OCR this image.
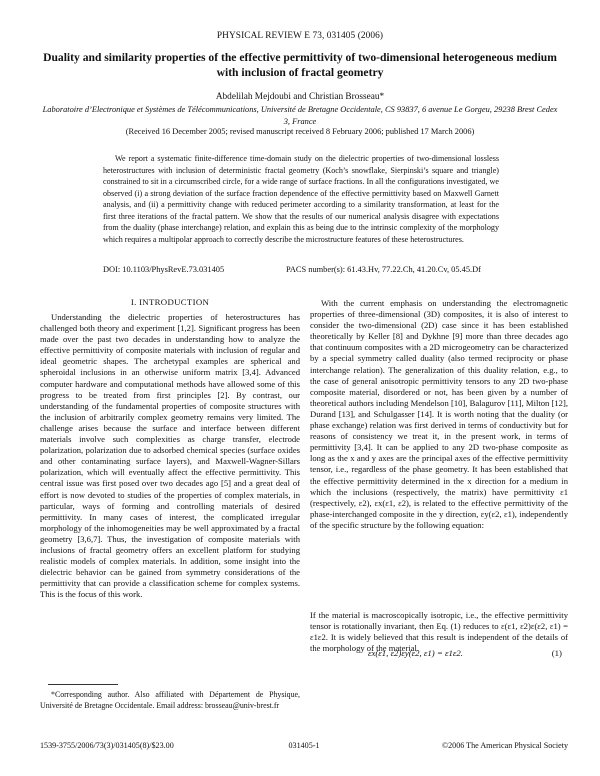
PHYSICAL REVIEW E 73, 031405 (2006)
Duality and similarity properties of the effective permittivity of two-dimensional heterogeneous medium with inclusion of fractal geometry
Abdelilah Mejdoubi and Christian Brosseau*
Laboratoire d’Electronique et Systèmes de Télécommunications, Université de Bretagne Occidentale, CS 93837, 6 avenue Le Gorgeu, 29238 Brest Cedex 3, France
(Received 16 December 2005; revised manuscript received 8 February 2006; published 17 March 2006)
We report a systematic finite-difference time-domain study on the dielectric properties of two-dimensional lossless heterostructures with inclusion of deterministic fractal geometry (Koch’s snowflake, Sierpinski’s square and triangle) constrained to sit in a circumscribed circle, for a wide range of surface fractions. In all the configurations investigated, we observed (i) a strong deviation of the surface fraction dependence of the effective permittivity based on Maxwell Garnett analysis, and (ii) a permittivity change with reduced perimeter according to a similarity transformation, at least for the first three iterations of the fractal pattern. We show that the results of our numerical analysis disagree with expectations from the duality (phase interchange) relation, and explain this as being due to the intrinsic complexity of the morphology which requires a multipolar approach to correctly describe the microstructure features of these heterostructures.
DOI: 10.1103/PhysRevE.73.031405	PACS number(s): 61.43.Hv, 77.22.Ch, 41.20.Cv, 05.45.Df
I. INTRODUCTION

Understanding the dielectric properties of heterostructures has challenged both theory and experiment [1,2]. Significant progress has been made over the past two decades in understanding how to analyze the effective permittivity of composite materials with inclusion of regular and ideal geometric shapes. The archetypal examples are spherical and spheroidal inclusions in an otherwise uniform matrix [3,4]. Advanced computer hardware and computational methods have allowed some of this progress to be treated from first principles [2]. By contrast, our understanding of the fundamental properties of composite structures with the inclusion of arbitrarily complex geometry remains very limited. The challenge arises because the surface and interface between different materials involve such complexities as charge transfer, electrode polarization, polarization due to adsorbed chemical species (surface oxides and other contaminating surface layers), and Maxwell-Wagner-Sillars polarization, which will eventually affect the effective permittivity. This central issue was first posed over two decades ago [5] and a great deal of effort is now devoted to studies of the properties of complex materials, in particular, ways of forming and controlling materials of desired permittivity. In many cases of interest, the complicated irregular morphology of the inhomogeneities may be well approximated by a fractal geometry [3,6,7]. Thus, the investigation of composite materials with inclusions of fractal geometry offers an excellent platform for studying realistic models of complex materials. In addition, some insight into the dielectric behavior can be gained from symmetry considerations of the permittivity that can provide a classification scheme for complex systems. This is the focus of this work.

With the current emphasis on understanding the electromagnetic properties of three-dimensional (3D) composites, it is also of interest to consider the two-dimensional (2D) case since it has been established theoretically by Keller [8] and Dykhne [9] more than three decades ago that continuum composites with a 2D microgeometry can be characterized by a special symmetry called duality (also termed reciprocity or phase interchange relation). The generalization of this duality relation, e.g., to the case of general anisotropic permittivity tensors to any 2D two-phase composite material, disordered or not, has been given by a number of theoretical authors including Mendelson [10], Balagurov [11], Milton [12], Durand [13], and Schulgasser [14]. It is worth noting that the duality (or phase exchange) relation was first derived in terms of conductivity but for reasons of consistency we treat it, in the present work, in terms of permittivity [3,4]. It can be applied to any 2D two-phase composite as long as the x and y axes are the principal axes of the effective permittivity tensor, i.e., regardless of the phase geometry. It has been established that the effective permittivity determined in the x direction for a medium in which the inclusions (respectively, the matrix) have permittivity ε1 (respectively, ε2), εx(ε1, ε2), is related to the effective permittivity of the phase-interchanged composite in the y direction, εy(ε2, ε1), independently of the specific structure by the following equation:

εx(ε1, ε2)εy(ε2, ε1) = ε1ε2.	(1)

If the material is macroscopically isotropic, i.e., the effective permittivity tensor is rotationally invariant, then Eq. (1) reduces to ε(ε1, ε2)ε(ε2, ε1) = ε1ε2. It is widely believed that this result is independent of the details of the morphology of the material.

*Corresponding author. Also affiliated with Département de Physique, Université de Bretagne Occidentale. Email address: brosseau@univ-brest.fr
1539-3755/2006/73(3)/031405(8)/$23.00	031405-1	©2006 The American Physical Society
